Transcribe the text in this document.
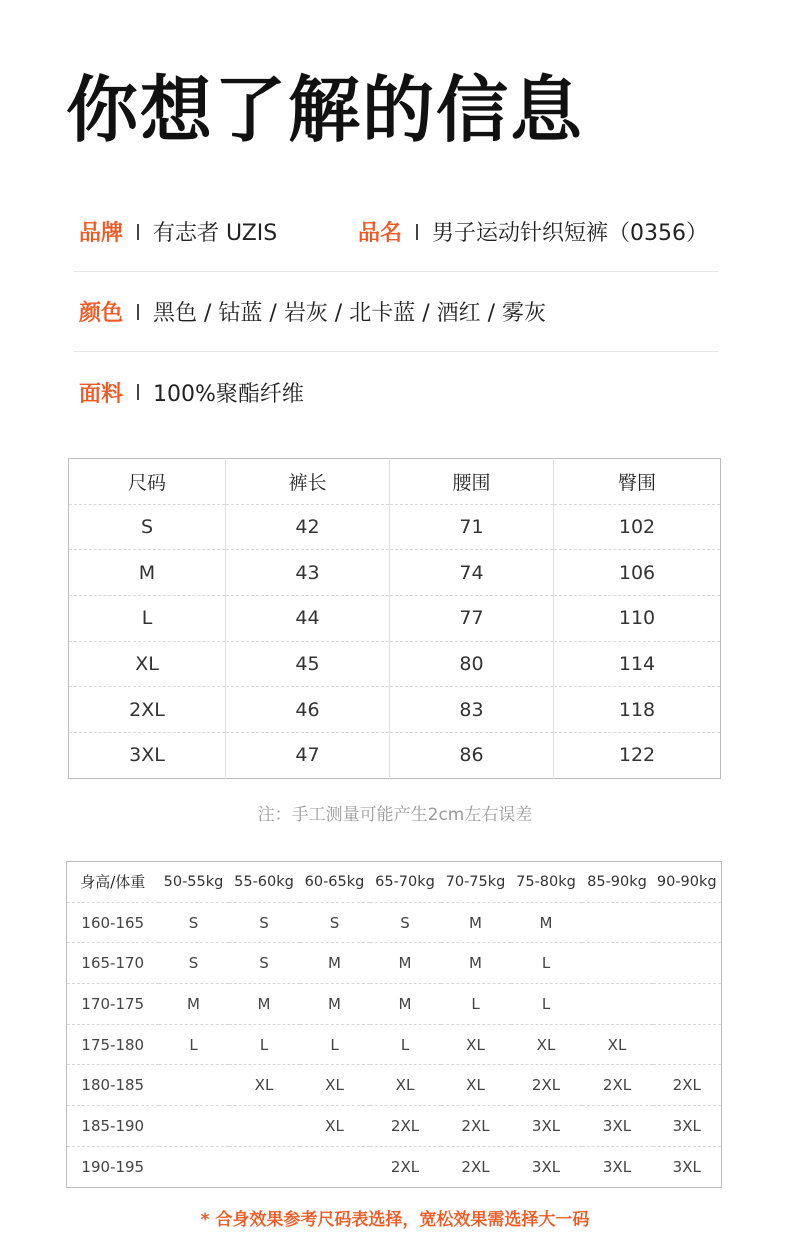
你想了解的信息
品牌 有志者 UZIS	品名 男子运动针织短裤（0356）
颜色 黑色 / 钴蓝 / 岩灰 / 北卡蓝 / 酒红 / 雾灰
面料 100%聚酯纤维
尺码	裤长	腰围	臀围
S	42	71	102
M	43	74	106
L	44	77	110
XL	45	80	114
2XL	46	83	118
3XL	47	86	122
注：手工测量可能产生2cm左右误差
身高/体重	50-55kg	55-60kg	60-65kg	65-70kg	70-75kg	75-80kg	85-90kg	90-90kg
160-165	S	S	S	S	M	M		
165-170	S	S	M	M	M	L		
170-175	M	M	M	M	L	L		
175-180	L	L	L	L	XL	XL	XL	
180-185		XL	XL	XL	XL	2XL	2XL	2XL
185-190			XL	2XL	2XL	3XL	3XL	3XL
190-195				2XL	2XL	3XL	3XL	3XL
* 合身效果参考尺码表选择，宽松效果需选择大一码
